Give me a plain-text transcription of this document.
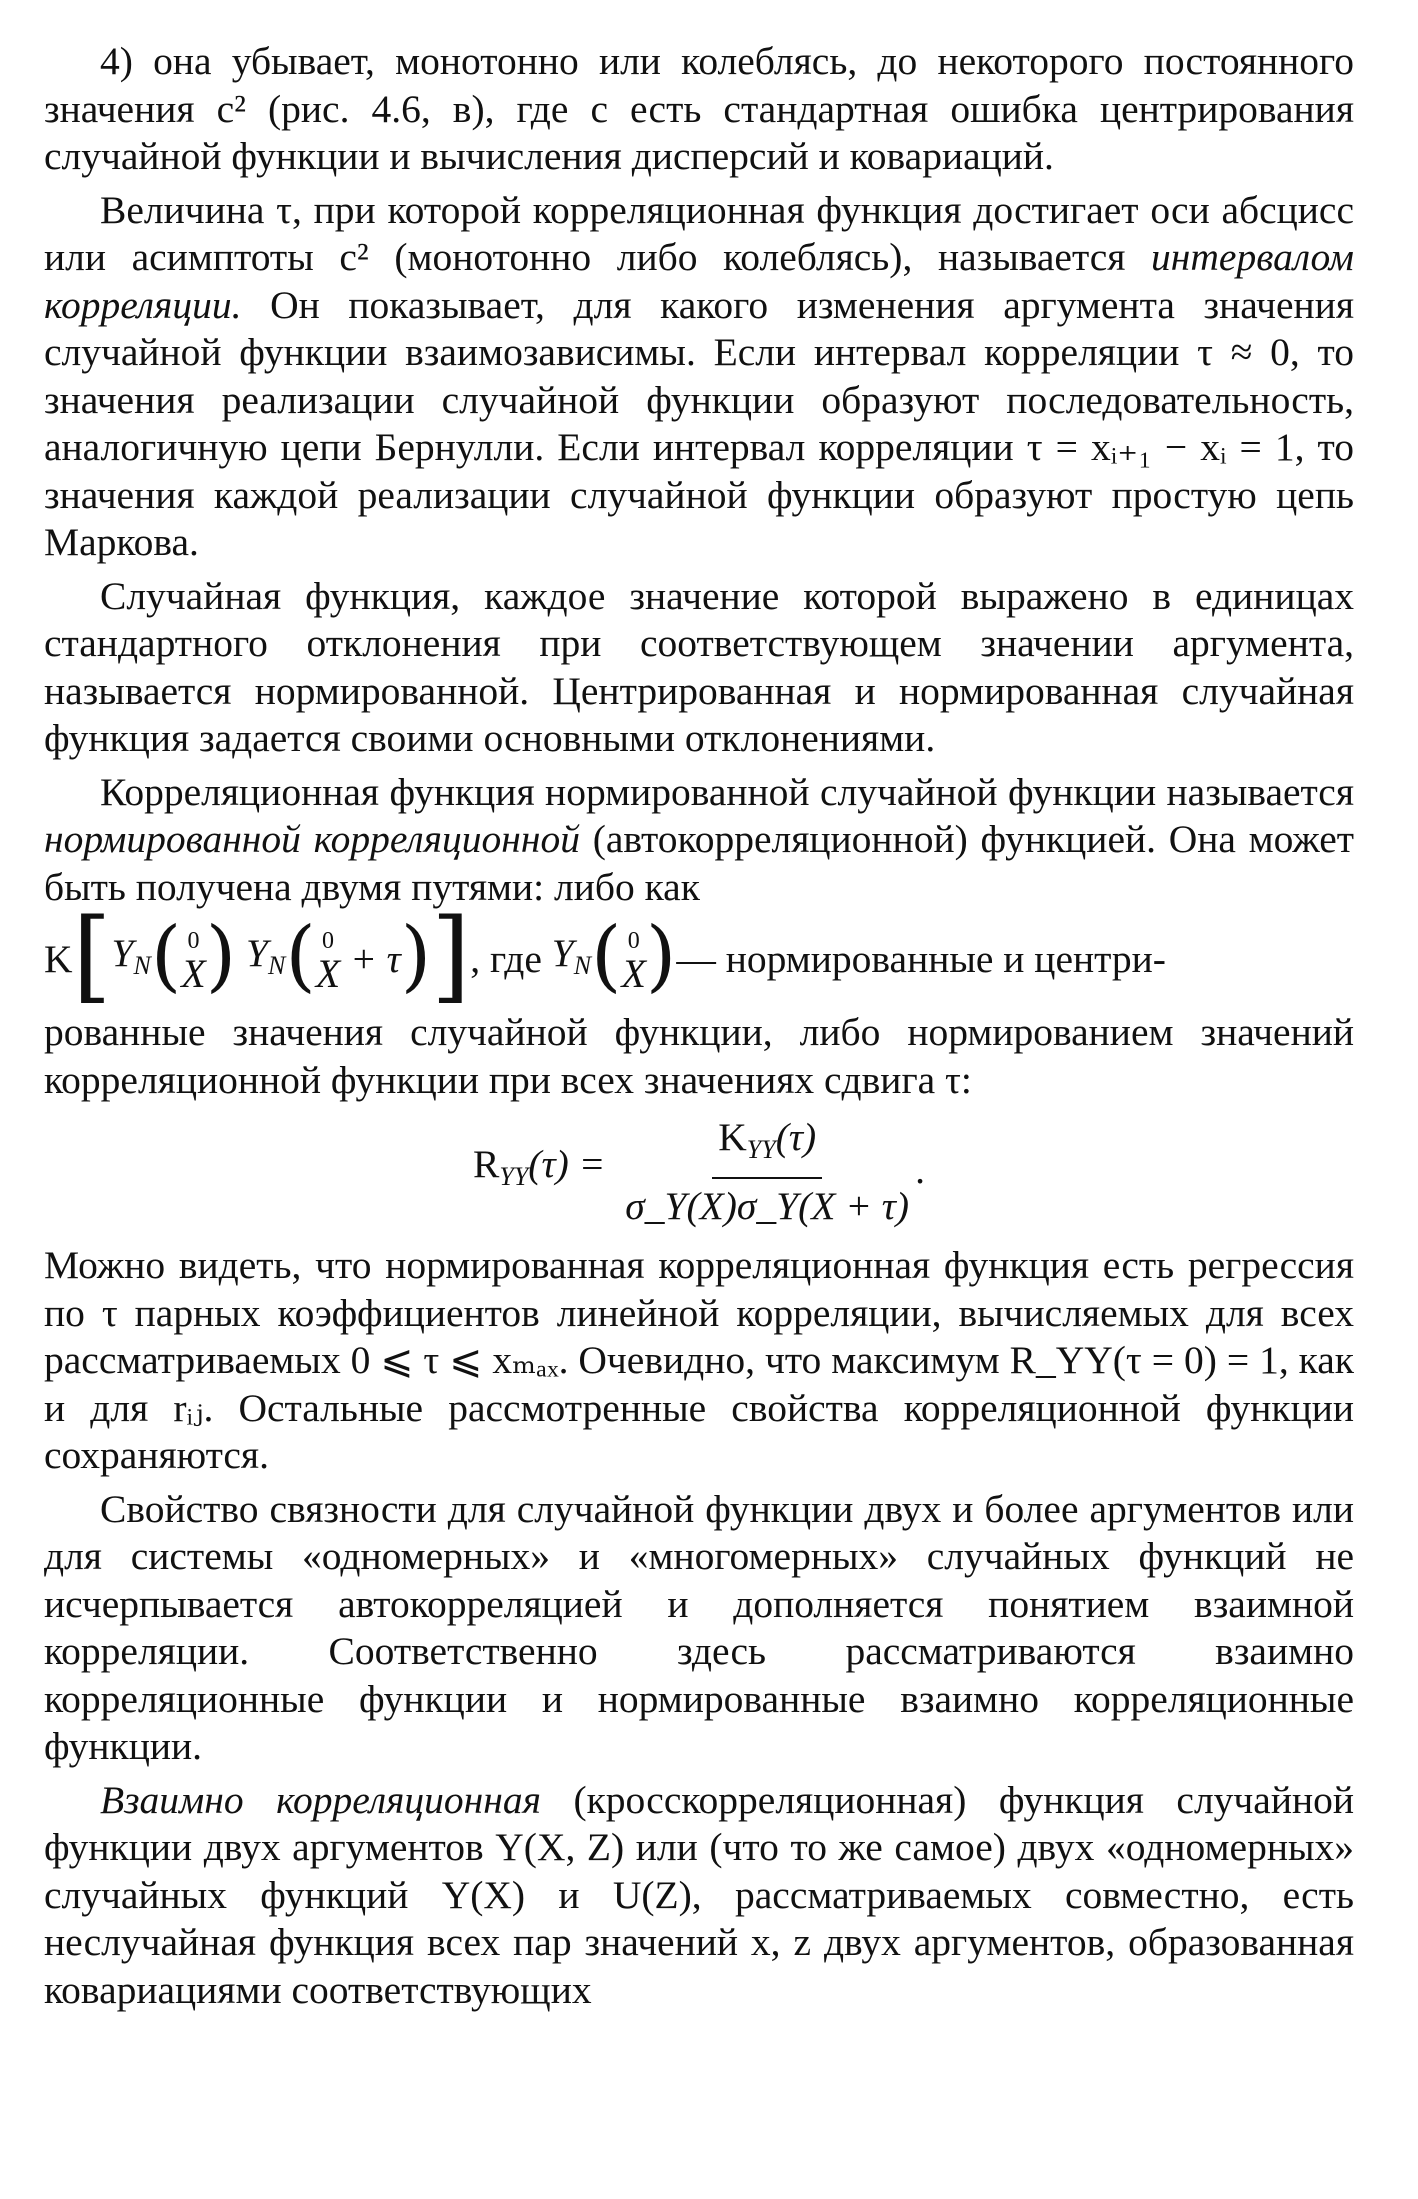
4) она убывает, монотонно или колеблясь, до некоторого постоянного значения c² (рис. 4.6, в), где c есть стандартная ошибка центрирования случайной функции и вычисления дисперсий и ковариаций.

Величина τ, при которой корреляционная функция достигает оси абсцисс или асимптоты c² (монотонно либо колеблясь), называется интервалом корреляции. Он показывает, для какого изменения аргумента значения случайной функции взаимозависимы. Если интервал корреляции τ ≈ 0, то значения реализации случайной функции образуют последовательность, аналогичную цепи Бернулли. Если интервал корреляции τ = xᵢ₊₁ − xᵢ = 1, то значения каждой реализации случайной функции образуют простую цепь Маркова.

Случайная функция, каждое значение которой выражено в единицах стандартного отклонения при соответствующем значении аргумента, называется нормированной. Центрированная и нормированная случайная функция задается своими основными отклонениями.

Корреляционная функция нормированной случайной функции называется нормированной корреляционной (автокорреляционной) функцией. Она может быть получена двумя путями: либо как

K [ $Y_N$ ( 0
X ) $Y_N$ ( 0
X + τ ) ] , где $Y_N$ ( 0
X ) — нормированные и центри-

рованные значения случайной функции, либо нормированием значений корреляционной функции при всех значениях сдвига τ:

$R_{YY}(\tau) = \frac{K_{YY}(\tau)}{\sigma\_Y(X)\sigma\_Y(X + \tau)}$ .

Можно видеть, что нормированная корреляционная функция есть регрессия по τ парных коэффициентов линейной корреляции, вычисляемых для всех рассматриваемых 0 ⩽ τ ⩽ xₘₐₓ. Очевидно, что максимум R_YY(τ = 0) = 1, как и для rᵢⱼ. Остальные рассмотренные свойства корреляционной функции сохраняются.

Свойство связности для случайной функции двух и более аргументов или для системы «одномерных» и «многомерных» случайных функций не исчерпывается автокорреляцией и дополняется понятием взаимной корреляции. Соответственно здесь рассматриваются взаимно корреляционные функции и нормированные взаимно корреляционные функции.

Взаимно корреляционная (кросскорреляционная) функция случайной функции двух аргументов Y(X, Z) или (что то же самое) двух «одномерных» случайных функций Y(X) и U(Z), рассматриваемых совместно, есть неслучайная функция всех пар значений x, z двух аргументов, образованная ковариациями соответствующих
